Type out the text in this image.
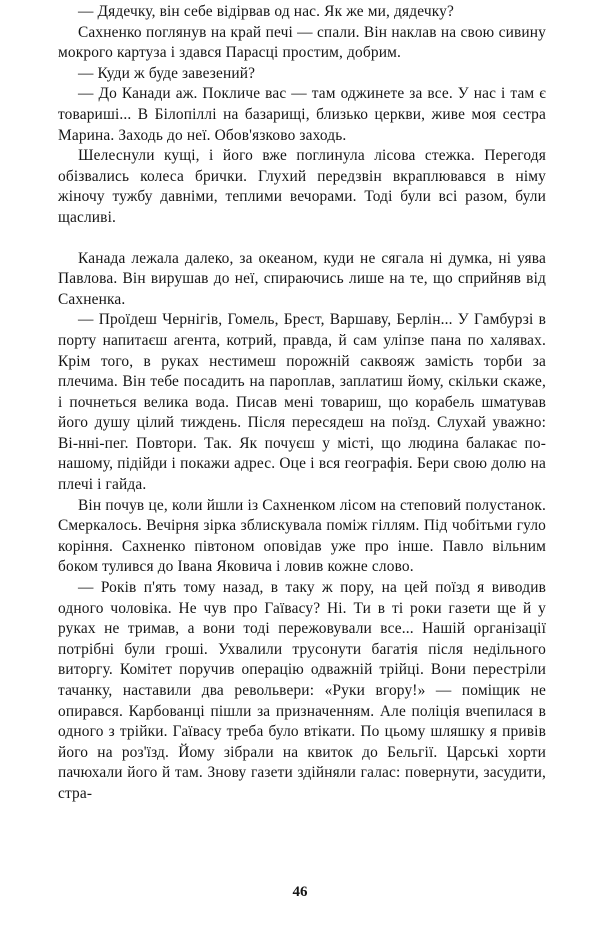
— Дядечку, він себе відірвав од нас. Як же ми, дядечку?

Сахненко поглянув на край печі — спали. Він наклав на свою сивину мокрого картуза і здався Парасці простим, добрим.

— Куди ж буде завезений?

— До Канади аж. Покличе вас — там оджинете за все. У нас і там є товариші... В Білопіллі на базарищі, близько церкви, живе моя сестра Марина. Заходь до неї. Обов'язково заходь.

Шелеснули кущі, і його вже поглинула лісова стежка. Перегодя обізвались колеса брички. Глухий передзвін вкраплювався в німу жіночу тужбу давніми, теплими вечорами. Тоді були всі разом, були щасливі.

Канада лежала далеко, за океаном, куди не сягала ні думка, ні уява Павлова. Він вирушав до неї, спираючись лише на те, що сприйняв від Сахненка.

— Проїдеш Чернігів, Гомель, Брест, Варшаву, Берлін... У Гамбурзі в порту напитаєш агента, котрий, правда, й сам уліпзе пана по халявах. Крім того, в руках нестимеш порожній саквояж замість торби за плечима. Він тебе посадить на пароплав, заплатиш йому, скільки скаже, і почнеться велика вода. Писав мені товариш, що корабель шматував його душу цілий тиждень. Після пересядеш на поїзд. Слухай уважно: Ві-нні-пег. Повтори. Так. Як почуєш у місті, що людина балакає по-нашому, підійди і покажи адрес. Оце і вся географія. Бери свою долю на плечі і гайда.

Він почув це, коли йшли із Сахненком лісом на степовий полустанок. Смеркалось. Вечірня зірка зблискувала поміж гіллям. Під чобітьми гуло коріння. Сахненко півтоном оповідав уже про інше. Павло вільним боком тулився до Івана Яковича і ловив кожне слово.

— Років п'ять тому назад, в таку ж пору, на цей поїзд я виводив одного чоловіка. Не чув про Гаївасу? Ні. Ти в ті роки газети ще й у руках не тримав, а вони тоді пережовували все... Нашій організації потрібні були гроші. Ухвалили трусонути багатія після недільного виторгу. Комітет поручив операцію одважній трійці. Вони перестріли тачанку, наставили два револьвери: «Руки вгору!» — поміщик не опирався. Карбованці пішли за призначенням. Але поліція вчепилася в одного з трійки. Гаївасу треба було втікати. По цьому шляшку я привів його на роз'їзд. Йому зібрали на квиток до Бельгії. Царські хорти пачюхали його й там. Знову газети здійняли галас: повернути, засудити, стра-

46
